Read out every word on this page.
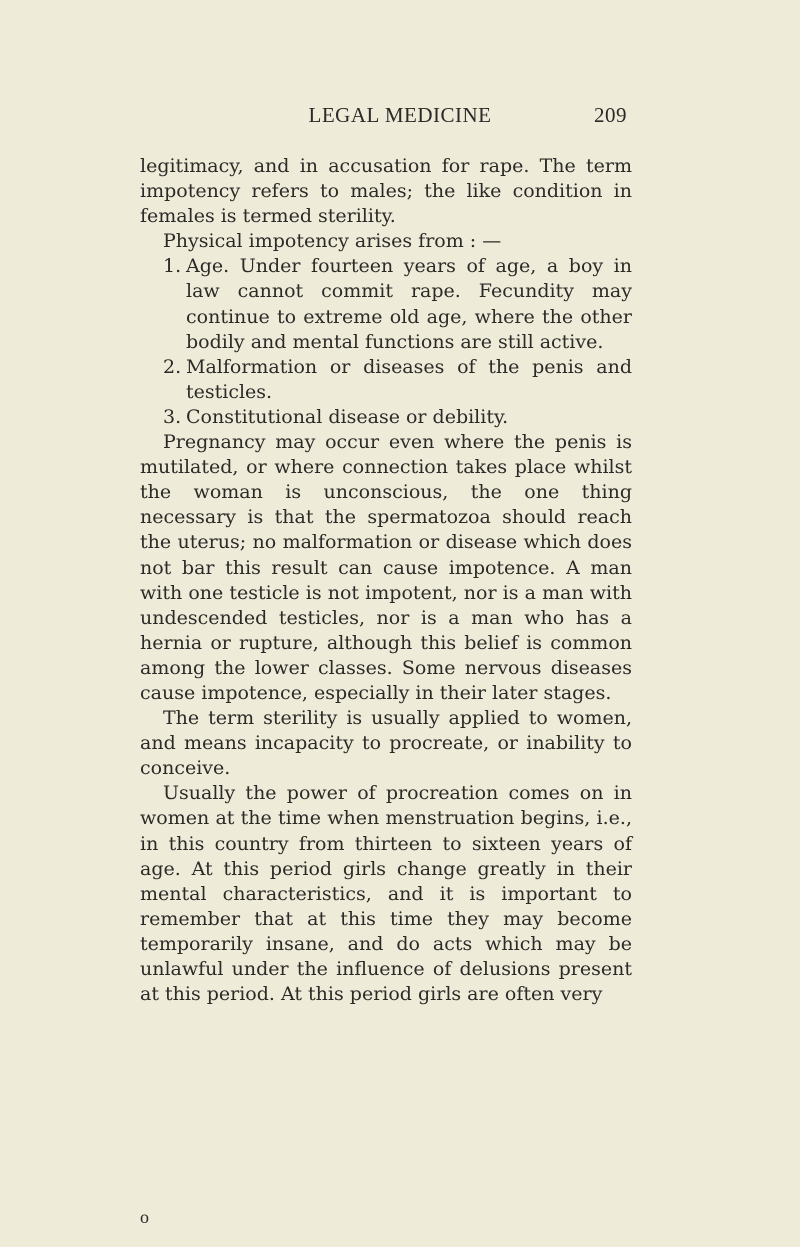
LEGAL MEDICINE	209

legitimacy, and in accusation for rape. The term impotency refers to males; the like condition in females is termed sterility.

Physical impotency arises from : —

1. Age. Under fourteen years of age, a boy in law cannot commit rape. Fecundity may continue to extreme old age, where the other bodily and mental functions are still active.
2. Malformation or diseases of the penis and testicles.
3. Constitutional disease or debility.

Pregnancy may occur even where the penis is mutilated, or where connection takes place whilst the woman is unconscious, the one thing necessary is that the spermatozoa should reach the uterus; no malformation or disease which does not bar this result can cause impotence. A man with one testicle is not impotent, nor is a man with undescended testicles, nor is a man who has a hernia or rupture, although this belief is common among the lower classes. Some nervous diseases cause impotence, especially in their later stages.

The term sterility is usually applied to women, and means incapacity to procreate, or inability to conceive.

Usually the power of procreation comes on in women at the time when menstruation begins, i.e., in this country from thirteen to sixteen years of age. At this period girls change greatly in their mental characteristics, and it is important to remember that at this time they may become temporarily insane, and do acts which may be unlawful under the influence of delusions present at this period. At this period girls are often very

o
